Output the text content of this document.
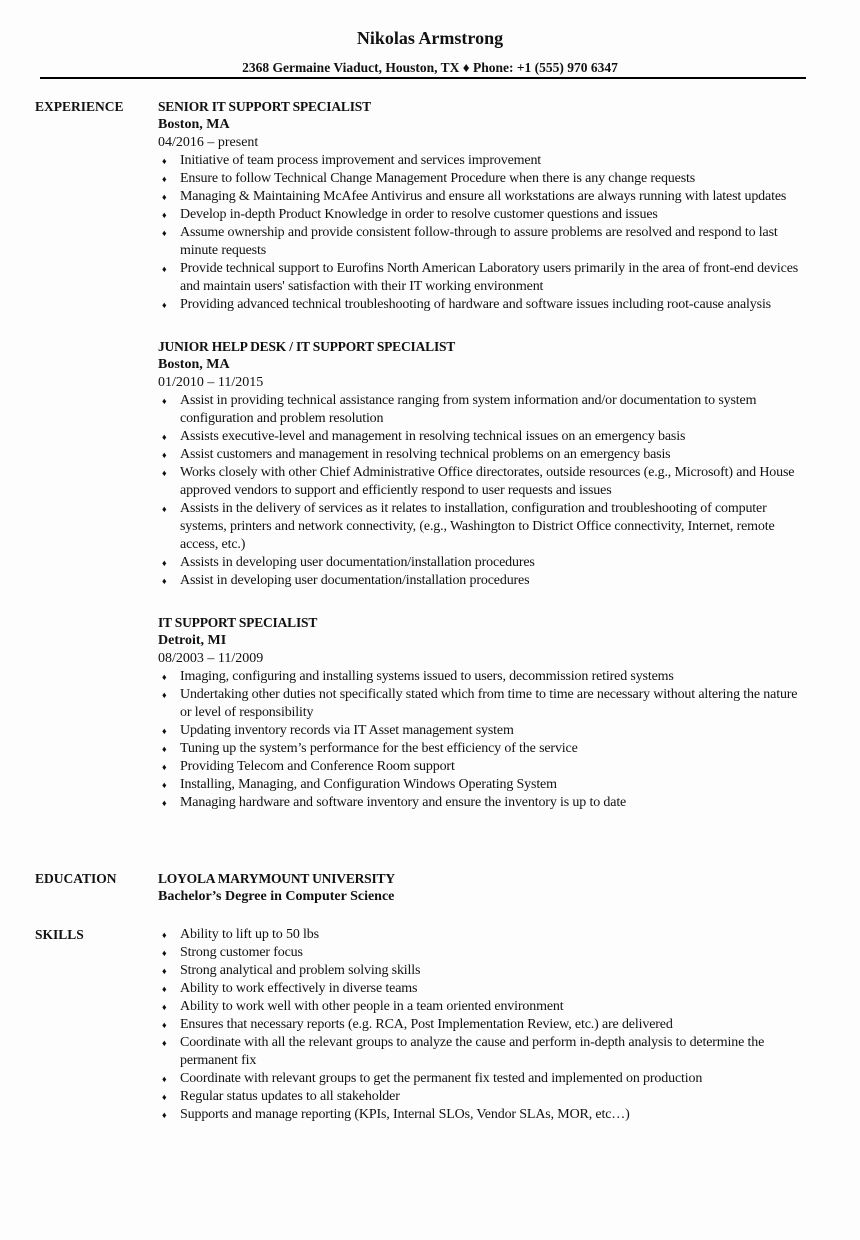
Nikolas Armstrong
2368 Germaine Viaduct, Houston, TX ♦ Phone: +1 (555) 970 6347
EXPERIENCE	SENIOR IT SUPPORT SPECIALIST
Boston, MA
04/2016 – present
♦ Initiative of team process improvement and services improvement
♦ Ensure to follow Technical Change Management Procedure when there is any change requests
♦ Managing & Maintaining McAfee Antivirus and ensure all workstations are always running with latest updates
♦ Develop in-depth Product Knowledge in order to resolve customer questions and issues
♦ Assume ownership and provide consistent follow-through to assure problems are resolved and respond to last minute requests
♦ Provide technical support to Eurofins North American Laboratory users primarily in the area of front-end devices and maintain users' satisfaction with their IT working environment
♦ Providing advanced technical troubleshooting of hardware and software issues including root-cause analysis
JUNIOR HELP DESK / IT SUPPORT SPECIALIST
Boston, MA
01/2010 – 11/2015
♦ Assist in providing technical assistance ranging from system information and/or documentation to system configuration and problem resolution
♦ Assists executive-level and management in resolving technical issues on an emergency basis
♦ Assist customers and management in resolving technical problems on an emergency basis
♦ Works closely with other Chief Administrative Office directorates, outside resources (e.g., Microsoft) and House approved vendors to support and efficiently respond to user requests and issues
♦ Assists in the delivery of services as it relates to installation, configuration and troubleshooting of computer systems, printers and network connectivity, (e.g., Washington to District Office connectivity, Internet, remote access, etc.)
♦ Assists in developing user documentation/installation procedures
♦ Assist in developing user documentation/installation procedures
IT SUPPORT SPECIALIST
Detroit, MI
08/2003 – 11/2009
♦ Imaging, configuring and installing systems issued to users, decommission retired systems
♦ Undertaking other duties not specifically stated which from time to time are necessary without altering the nature or level of responsibility
♦ Updating inventory records via IT Asset management system
♦ Tuning up the system’s performance for the best efficiency of the service
♦ Providing Telecom and Conference Room support
♦ Installing, Managing, and Configuration Windows Operating System
♦ Managing hardware and software inventory and ensure the inventory is up to date
EDUCATION	LOYOLA MARYMOUNT UNIVERSITY
Bachelor’s Degree in Computer Science
SKILLS	♦ Ability to lift up to 50 lbs
♦ Strong customer focus
♦ Strong analytical and problem solving skills
♦ Ability to work effectively in diverse teams
♦ Ability to work well with other people in a team oriented environment
♦ Ensures that necessary reports (e.g. RCA, Post Implementation Review, etc.) are delivered
♦ Coordinate with all the relevant groups to analyze the cause and perform in-depth analysis to determine the permanent fix
♦ Coordinate with relevant groups to get the permanent fix tested and implemented on production
♦ Regular status updates to all stakeholder
♦ Supports and manage reporting (KPIs, Internal SLOs, Vendor SLAs, MOR, etc…)
